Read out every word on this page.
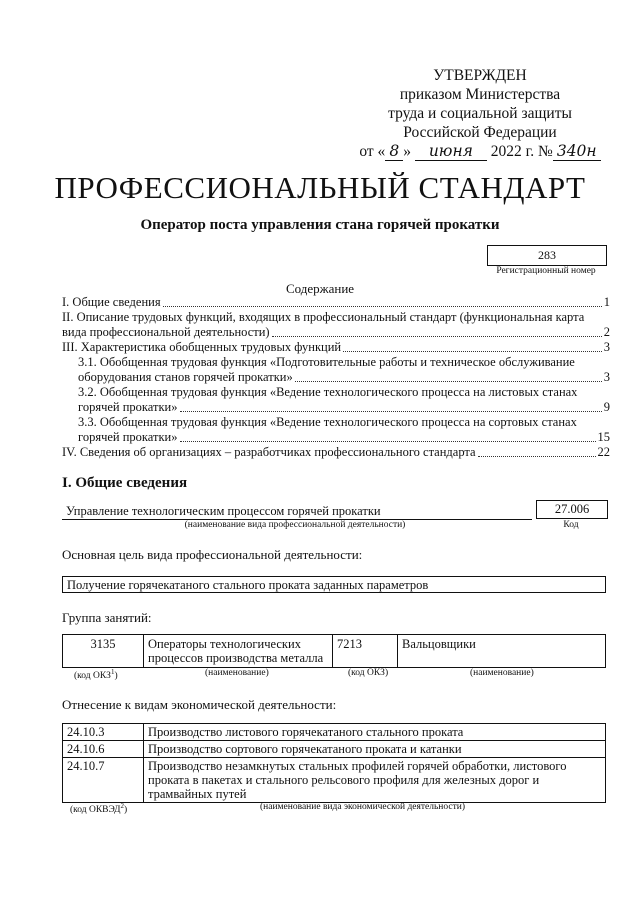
УТВЕРЖДЕН
приказом Министерства
труда и социальной защиты
Российской Федерации
от « 8 » июня 2022 г. № 340н
ПРОФЕССИОНАЛЬНЫЙ СТАНДАРТ
Оператор поста управления стана горячей прокатки
283
Регистрационный номер
Содержание
I. Общие сведения	1
II. Описание трудовых функций, входящих в профессиональный стандарт (функциональная карта
вида профессиональной деятельности)	2
III. Характеристика обобщенных трудовых функций	3
3.1. Обобщенная трудовая функция «Подготовительные работы и техническое обслуживание
оборудования станов горячей прокатки»	3
3.2. Обобщенная трудовая функция «Ведение технологического процесса на листовых станах
горячей прокатки»	9
3.3. Обобщенная трудовая функция «Ведение технологического процесса на сортовых станах
горячей прокатки»	15
IV. Сведения об организациях – разработчиках профессионального стандарта	22
I. Общие сведения
Управление технологическим процессом горячей прокатки
(наименование вида профессиональной деятельности)
27.006
Код
Основная цель вида профессиональной деятельности:
Получение горячекатаного стального проката заданных параметров
Группа занятий:
3135	Операторы технологических процессов производства металла	7213	Вальцовщики
(код ОКЗ$^1$)	(наименование)	(код ОКЗ)	(наименование)
Отнесение к видам экономической деятельности:
24.10.3	Производство листового горячекатаного стального проката
24.10.6	Производство сортового горячекатаного проката и катанки
24.10.7	Производство незамкнутых стальных профилей горячей обработки, листового проката в пакетах и стального рельсового профиля для железных дорог и трамвайных путей
(код ОКВЭД$^2$)	(наименование вида экономической деятельности)
